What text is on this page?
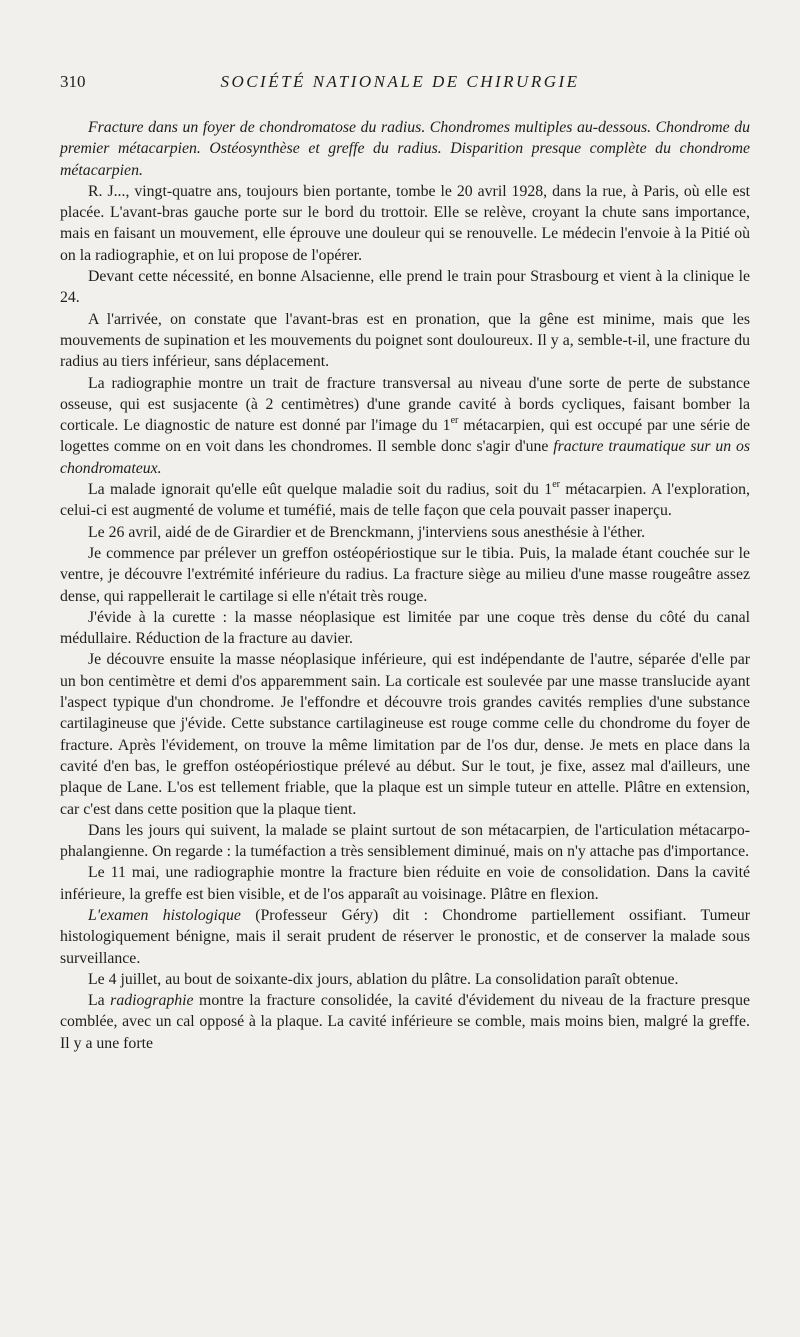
310	SOCIÉTÉ NATIONALE DE CHIRURGIE

Fracture dans un foyer de chondromatose du radius. Chondromes multiples au-dessous. Chondrome du premier métacarpien. Ostéosynthèse et greffe du radius. Disparition presque complète du chondrome métacarpien.

R. J..., vingt-quatre ans, toujours bien portante, tombe le 20 avril 1928, dans la rue, à Paris, où elle est placée. L'avant-bras gauche porte sur le bord du trottoir. Elle se relève, croyant la chute sans importance, mais en faisant un mouvement, elle éprouve une douleur qui se renouvelle. Le médecin l'envoie à la Pitié où on la radiographie, et on lui propose de l'opérer.

Devant cette nécessité, en bonne Alsacienne, elle prend le train pour Strasbourg et vient à la clinique le 24.

A l'arrivée, on constate que l'avant-bras est en pronation, que la gêne est minime, mais que les mouvements de supination et les mouvements du poignet sont douloureux. Il y a, semble-t-il, une fracture du radius au tiers inférieur, sans déplacement.

La radiographie montre un trait de fracture transversal au niveau d'une sorte de perte de substance osseuse, qui est susjacente (à 2 centimètres) d'une grande cavité à bords cycliques, faisant bomber la corticale. Le diagnostic de nature est donné par l'image du 1er métacarpien, qui est occupé par une série de logettes comme on en voit dans les chondromes. Il semble donc s'agir d'une fracture traumatique sur un os chondromateux.

La malade ignorait qu'elle eût quelque maladie soit du radius, soit du 1er métacarpien. A l'exploration, celui-ci est augmenté de volume et tuméfié, mais de telle façon que cela pouvait passer inaperçu.

Le 26 avril, aidé de de Girardier et de Brenckmann, j'interviens sous anesthésie à l'éther.

Je commence par prélever un greffon ostéopériostique sur le tibia. Puis, la malade étant couchée sur le ventre, je découvre l'extrémité inférieure du radius. La fracture siège au milieu d'une masse rougeâtre assez dense, qui rappellerait le cartilage si elle n'était très rouge.

J'évide à la curette : la masse néoplasique est limitée par une coque très dense du côté du canal médullaire. Réduction de la fracture au davier.

Je découvre ensuite la masse néoplasique inférieure, qui est indépendante de l'autre, séparée d'elle par un bon centimètre et demi d'os apparemment sain. La corticale est soulevée par une masse translucide ayant l'aspect typique d'un chondrome. Je l'effondre et découvre trois grandes cavités remplies d'une substance cartilagineuse que j'évide. Cette substance cartilagineuse est rouge comme celle du chondrome du foyer de fracture. Après l'évidement, on trouve la même limitation par de l'os dur, dense. Je mets en place dans la cavité d'en bas, le greffon ostéopériostique prélevé au début. Sur le tout, je fixe, assez mal d'ailleurs, une plaque de Lane. L'os est tellement friable, que la plaque est un simple tuteur en attelle. Plâtre en extension, car c'est dans cette position que la plaque tient.

Dans les jours qui suivent, la malade se plaint surtout de son métacarpien, de l'articulation métacarpo-phalangienne. On regarde : la tuméfaction a très sensiblement diminué, mais on n'y attache pas d'importance.

Le 11 mai, une radiographie montre la fracture bien réduite en voie de consolidation. Dans la cavité inférieure, la greffe est bien visible, et de l'os apparaît au voisinage. Plâtre en flexion.

L'examen histologique (Professeur Géry) dit : Chondrome partiellement ossifiant. Tumeur histologiquement bénigne, mais il serait prudent de réserver le pronostic, et de conserver la malade sous surveillance.

Le 4 juillet, au bout de soixante-dix jours, ablation du plâtre. La consolidation paraît obtenue.

La radiographie montre la fracture consolidée, la cavité d'évidement du niveau de la fracture presque comblée, avec un cal opposé à la plaque. La cavité inférieure se comble, mais moins bien, malgré la greffe. Il y a une forte
